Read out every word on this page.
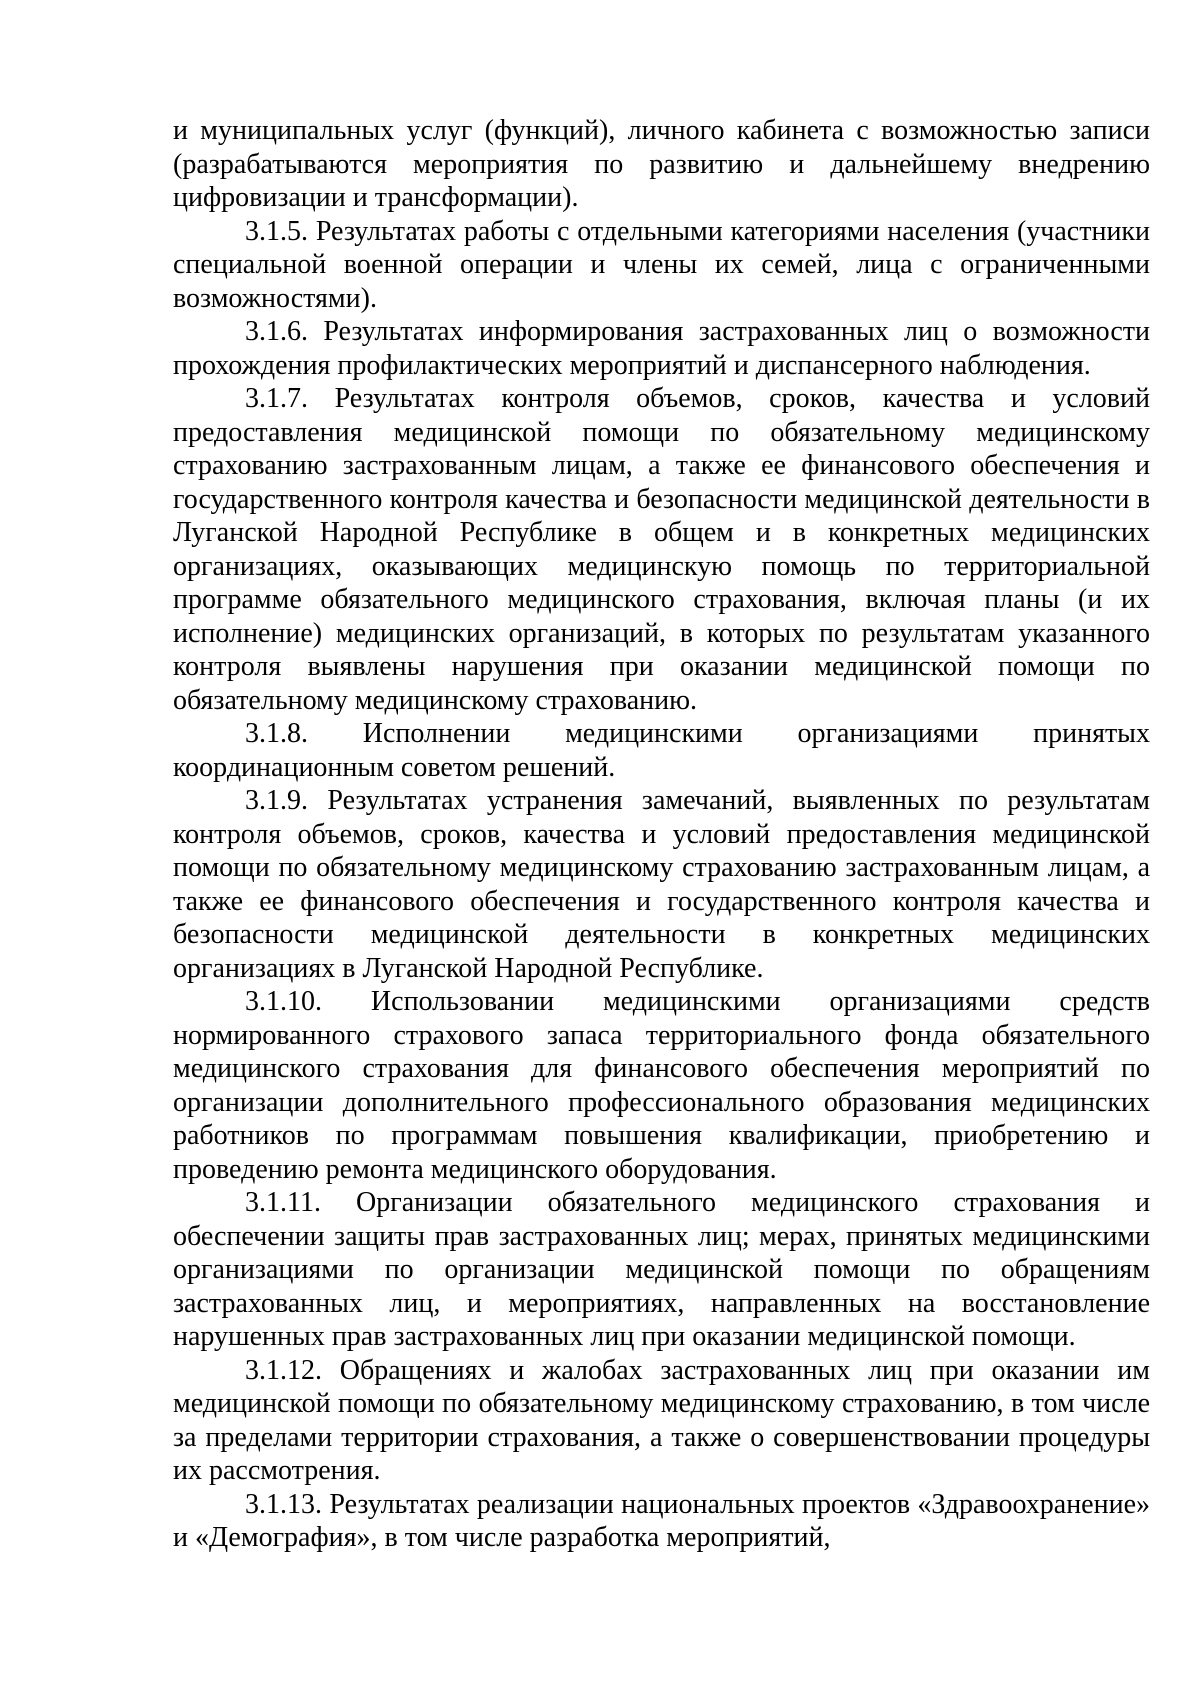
и муниципальных услуг (функций), личного кабинета с возможностью записи (разрабатываются мероприятия по развитию и дальнейшему внедрению цифровизации и трансформации).

3.1.5. Результатах работы с отдельными категориями населения (участники специальной военной операции и члены их семей, лица с ограниченными возможностями).

3.1.6. Результатах информирования застрахованных лиц о возможности прохождения профилактических мероприятий и диспансерного наблюдения.

3.1.7. Результатах контроля объемов, сроков, качества и условий предоставления медицинской помощи по обязательному медицинскому страхованию застрахованным лицам, а также ее финансового обеспечения и государственного контроля качества и безопасности медицинской деятельности в Луганской Народной Республике в общем и в конкретных медицинских организациях, оказывающих медицинскую помощь по территориальной программе обязательного медицинского страхования, включая планы (и их исполнение) медицинских организаций, в которых по результатам указанного контроля выявлены нарушения при оказании медицинской помощи по обязательному медицинскому страхованию.

3.1.8. Исполнении медицинскими организациями принятых координационным советом решений.

3.1.9. Результатах устранения замечаний, выявленных по результатам контроля объемов, сроков, качества и условий предоставления медицинской помощи по обязательному медицинскому страхованию застрахованным лицам, а также ее финансового обеспечения и государственного контроля качества и безопасности медицинской деятельности в конкретных медицинских организациях в Луганской Народной Республике.

3.1.10. Использовании медицинскими организациями средств нормированного страхового запаса территориального фонда обязательного медицинского страхования для финансового обеспечения мероприятий по организации дополнительного профессионального образования медицинских работников по программам повышения квалификации, приобретению и проведению ремонта медицинского оборудования.

3.1.11. Организации обязательного медицинского страхования и обеспечении защиты прав застрахованных лиц; мерах, принятых медицинскими организациями по организации медицинской помощи по обращениям застрахованных лиц, и мероприятиях, направленных на восстановление нарушенных прав застрахованных лиц при оказании медицинской помощи.

3.1.12. Обращениях и жалобах застрахованных лиц при оказании им медицинской помощи по обязательному медицинскому страхованию, в том числе за пределами территории страхования, а также о совершенствовании процедуры их рассмотрения.

3.1.13. Результатах реализации национальных проектов «Здравоохранение» и «Демография», в том числе разработка мероприятий,
